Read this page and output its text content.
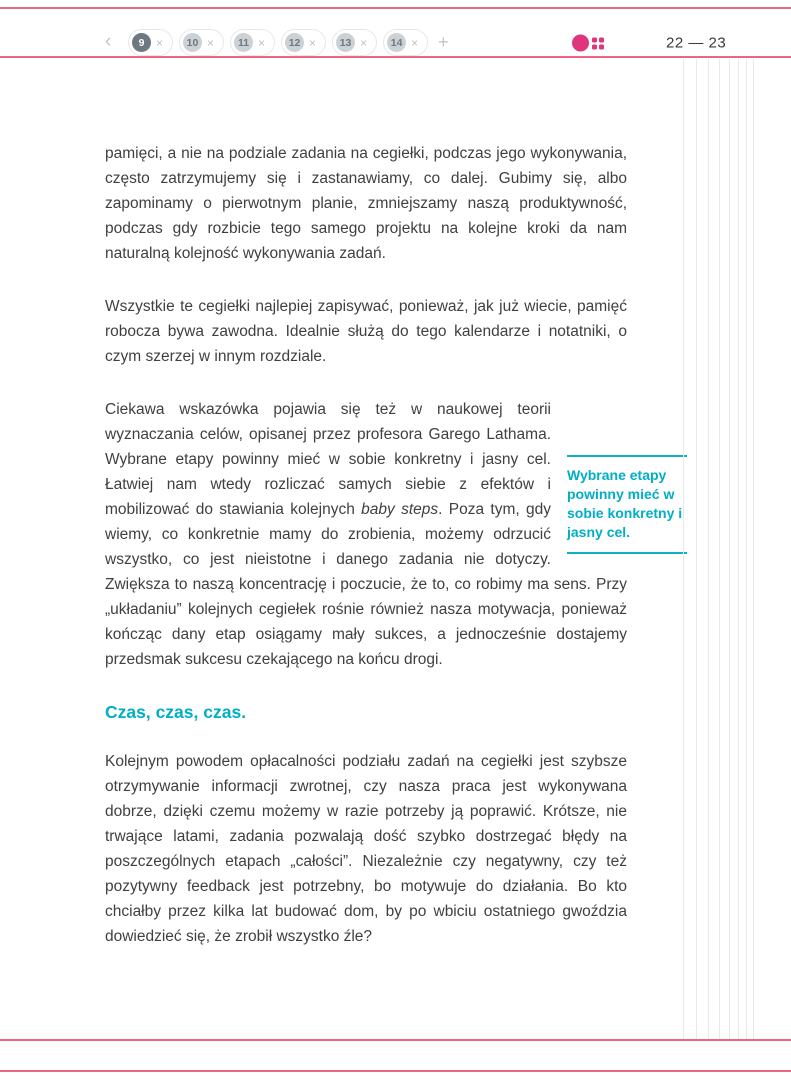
‹	9 ×	10 ×	11 ×	12 ×	13 ×	14 × +	22 — 23

pamięci, a nie na podziale zadania na cegiełki, podczas jego wykonywania, często zatrzymujemy się i zastanawiamy, co dalej. Gubimy się, albo zapominamy o pierwotnym planie, zmniejszamy naszą produktywność, podczas gdy rozbicie tego samego projektu na kolejne kroki da nam naturalną kolejność wykonywania zadań.

Wszystkie te cegiełki najlepiej zapisywać, ponieważ, jak już wiecie, pamięć robocza bywa zawodna. Idealnie służą do tego kalendarze i notatniki, o czym szerzej w innym rozdziale.

Wybrane etapy powinny mieć w sobie konkretny i jasny cel.
Ciekawa wskazówka pojawia się też w naukowej teorii wyznaczania celów, opisanej przez profesora Garego Lathama. Wybrane etapy powinny mieć w sobie konkretny i jasny cel. Łatwiej nam wtedy rozliczać samych siebie z efektów i mobilizować do stawiania kolejnych baby steps. Poza tym, gdy wiemy, co konkretnie mamy do zrobienia, możemy odrzucić wszystko, co jest nieistotne i danego zadania nie dotyczy. Zwiększa to naszą koncentrację i poczucie, że to, co robimy ma sens. Przy „układaniu” kolejnych cegiełek rośnie również nasza motywacja, ponieważ kończąc dany etap osiągamy mały sukces, a jednocześnie dostajemy przedsmak sukcesu czekającego na końcu drogi.

Czas, czas, czas.

Kolejnym powodem opłacalności podziału zadań na cegiełki jest szybsze otrzymywanie informacji zwrotnej, czy nasza praca jest wykonywana dobrze, dzięki czemu możemy w razie potrzeby ją poprawić. Krótsze, nie trwające latami, zadania pozwalają dość szybko dostrzegać błędy na poszczególnych etapach „całości”. Niezależnie czy negatywny, czy też pozytywny feedback jest potrzebny, bo motywuje do działania. Bo kto chciałby przez kilka lat budować dom, by po wbiciu ostatniego gwoździa dowiedzieć się, że zrobił wszystko źle?
